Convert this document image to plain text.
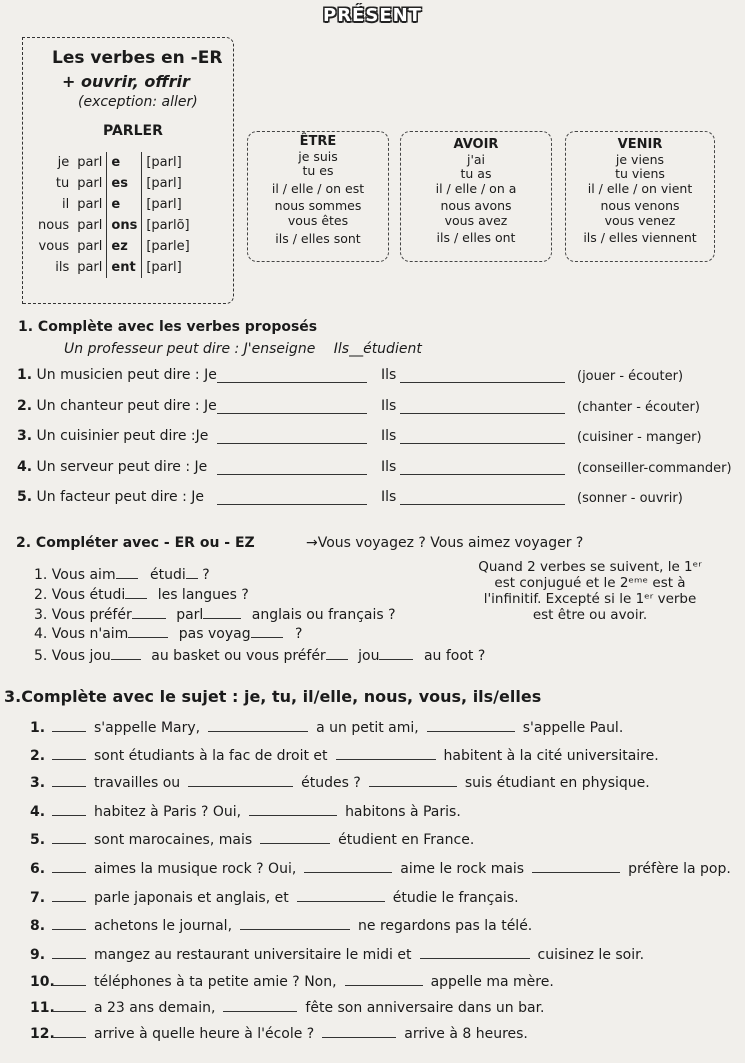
PRÉSENT
Les verbes en -ER
+ ouvrir, offrir
(exception: aller)
PARLER
je	parl	e	[parl]
tu	parl	es	[parl]
il	parl	e	[parl]
nous	parl	ons	[parlõ]
vous	parl	ez	[parle]
ils	parl	ent	[parl]
ÊTRE
je suis
tu es
il / elle / on est
nous sommes
vous êtes
ils / elles sont
AVOIR
j'ai
tu as
il / elle / on a
nous avons
vous avez
ils / elles ont
VENIR
je viens
tu viens
il / elle / on vient
nous venons
vous venez
ils / elles viennent
1. Complète avec les verbes proposés
Un professeur peut dire : J'enseigne Ils__étudient
1. Un musicien peut dire : Je	Ils	(jouer - écouter)
2. Un chanteur peut dire : Je	Ils	(chanter - écouter)
3. Un cuisinier peut dire :Je	Ils	(cuisiner - manger)
4. Un serveur peut dire : Je	Ils	(conseiller-commander)
5. Un facteur peut dire : Je	Ils	(sonner - ouvrir)
2. Compléter avec - ER ou - EZ	→Vous voyagez ? Vous aimez voyager ?
1. Vous aim étudi ?
2. Vous étudi les langues ?
3. Vous préfér	parl	anglais ou français ?
4. Vous n'aim	pas voyag	?
5. Vous jou	au basket ou vous préfér jou	au foot ?
Quand 2 verbes se suivent, le 1ᵉʳ
est conjugué et le 2ᵉᵐᵉ est à
l'infinitif. Excepté si le 1ᵉʳ verbe
est être ou avoir.
3.Complète avec le sujet : je, tu, il/elle, nous, vous, ils/elles
1.	s'appelle Mary,	a un petit ami,	s'appelle Paul.
2.	sont étudiants à la fac de droit et	habitent à la cité universitaire.
3.	travailles ou	études ?	suis étudiant en physique.
4.	habitez à Paris ? Oui,	habitons à Paris.
5.	sont marocaines, mais	étudient en France.
6.	aimes la musique rock ? Oui,	aime le rock mais	préfère la pop.
7.	parle japonais et anglais, et	étudie le français.
8.	achetons le journal,	ne regardons pas la télé.
9.	mangez au restaurant universitaire le midi et	cuisinez le soir.
10.	téléphones à ta petite amie ? Non,	appelle ma mère.
11.	a 23 ans demain,	fête son anniversaire dans un bar.
12.	arrive à quelle heure à l'école ?	arrive à 8 heures.
